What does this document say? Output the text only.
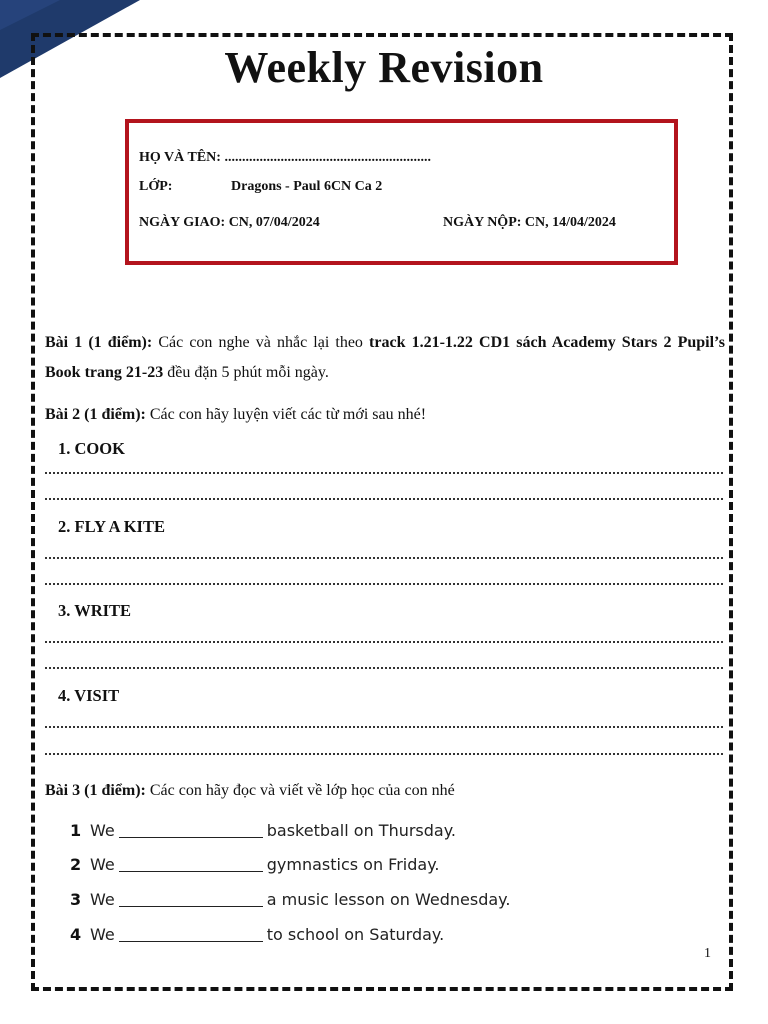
Weekly Revision
HỌ VÀ TÊN: ...........................................................
LỚP:	Dragons - Paul 6CN Ca 2
NGÀY GIAO: CN, 07/04/2024	NGÀY NỘP: CN, 14/04/2024
Bài 1 (1 điểm): Các con nghe và nhắc lại theo track 1.21-1.22 CD1 sách Academy Stars 2 Pupil’s Book trang 21-23 đều đặn 5 phút mỗi ngày.
Bài 2 (1 điểm): Các con hãy luyện viết các từ mới sau nhé!
1. COOK
2. FLY A KITE
3. WRITE
4. VISIT
Bài 3 (1 điểm): Các con hãy đọc và viết về lớp học của con nhé
1 We	basketball on Thursday.
2 We	gymnastics on Friday.
3 We	a music lesson on Wednesday.
4 We	to school on Saturday.
1
